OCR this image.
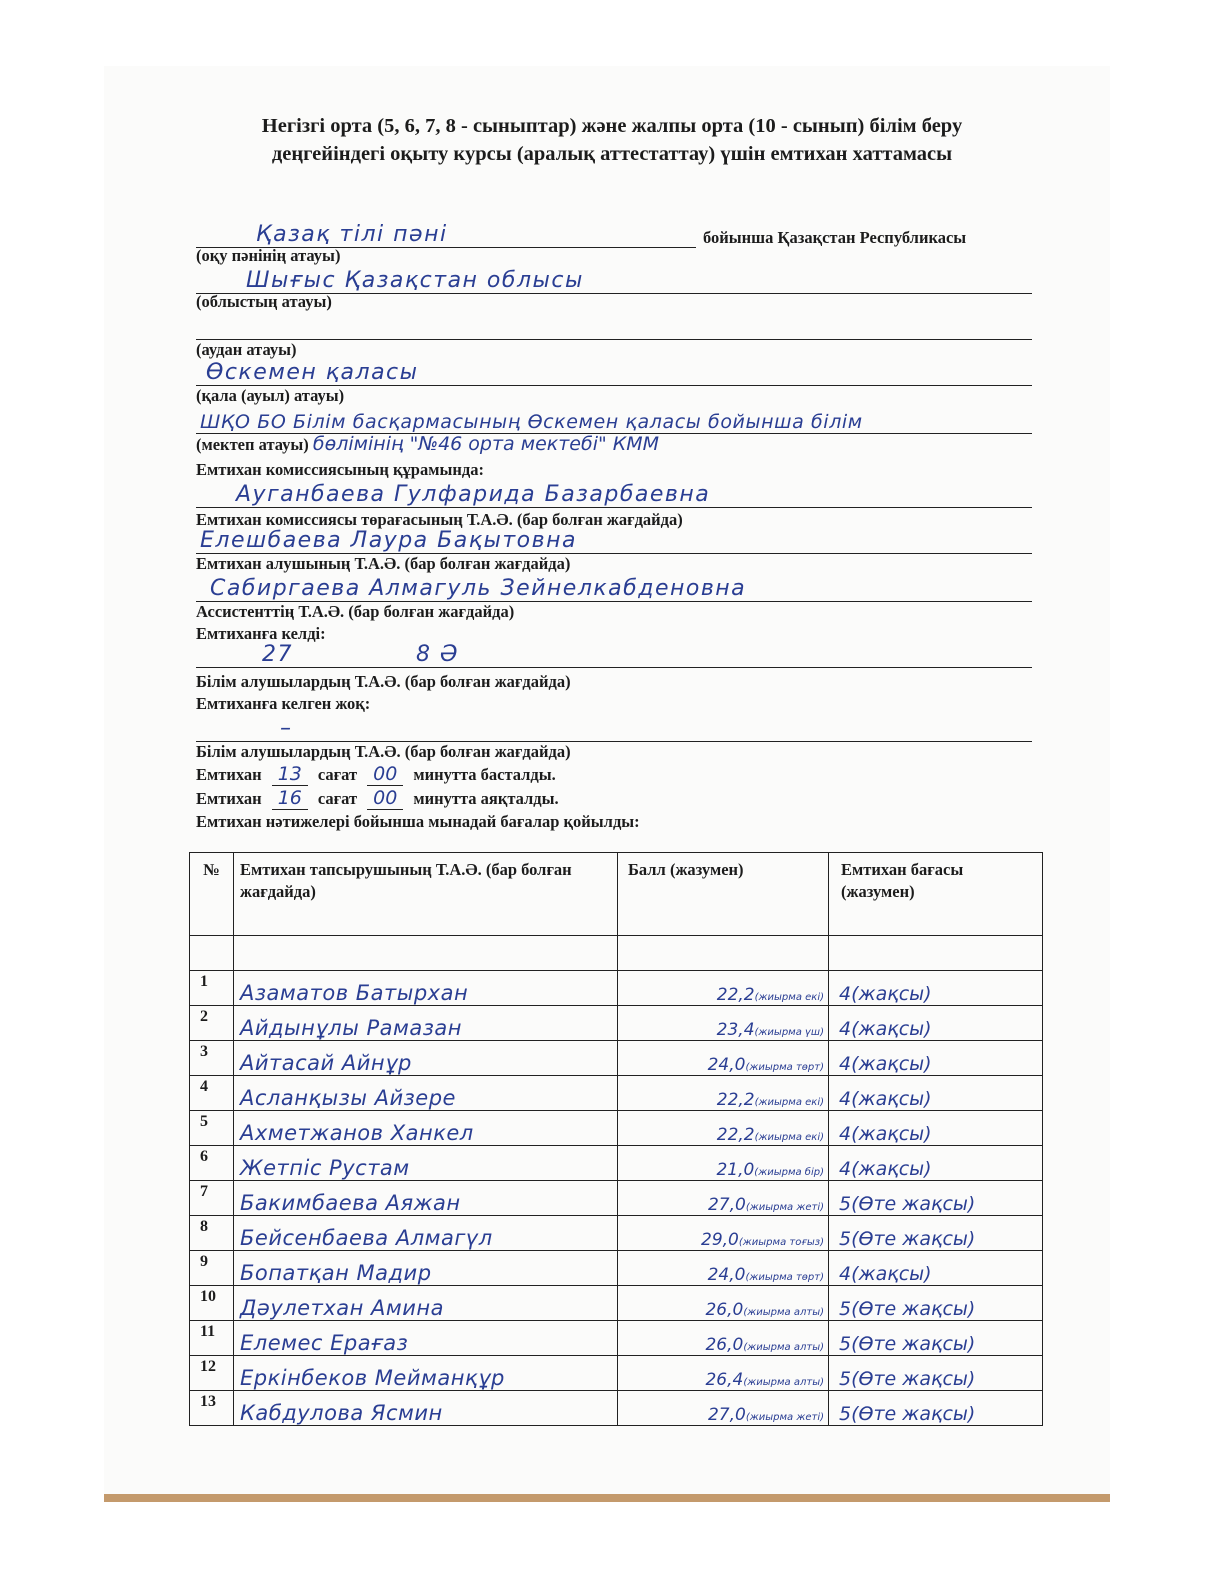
Негізгі орта (5, 6, 7, 8 - сыныптар) және жалпы орта (10 - сынып) білім беру
деңгейіндегі оқыту курсы (аралық аттестаттау) үшін емтихан хаттамасы
Қазақ тілі пәні	бойынша Қазақстан Республикасы
(оқу пәнінің атауы)
Шығыс Қазақстан облысы
(облыстың атауы)
(аудан атауы)
Өскемен қаласы
(қала (ауыл) атауы)
ШҚО БО Білім басқармасының Өскемен қаласы бойынша білім
(мектеп атауы) бөлімінің "№46 орта мектебі" КММ
Емтихан комиссиясының құрамында:
Ауганбаева Гулфарида Базарбаевна
Емтихан комиссиясы төрағасының Т.А.Ә. (бар болған жағдайда)
Елешбаева Лаура Бақытовна
Емтихан алушының Т.А.Ә. (бар болған жағдайда)
Сабиргаева Алмагуль Зейнелкабденовна
Ассистенттің Т.А.Ә. (бар болған жағдайда)
Емтиханға келді:
27	8 Ә
Білім алушылардың Т.А.Ә. (бар болған жағдайда)
Емтиханға келген жоқ:
–
Білім алушылардың Т.А.Ә. (бар болған жағдайда)
Емтихан 13 сағат 00 минутта басталды.
Емтихан 16 сағат 00 минутта аяқталды.
Емтихан нәтижелері бойынша мынадай бағалар қойылды:
№	Емтихан тапсырушының Т.А.Ә. (бар болған жағдайда)	Балл (жазумен)	Емтихан бағасы (жазумен)

1	Азаматов Батырхан	22,2(жиырма екі)	4(жақсы)

2	Айдынұлы Рамазан	23,4(жиырма үш)	4(жақсы)

3	Айтасай Айнұр	24,0(жиырма төрт)	4(жақсы)

4	Асланқызы Айзере	22,2(жиырма екі)	4(жақсы)

5	Ахметжанов Ханкел	22,2(жиырма екі)	4(жақсы)

6	Жетпіс Рустам	21,0(жиырма бір)	4(жақсы)

7	Бакимбаева Аяжан	27,0(жиырма жеті)	5(Өте жақсы)

8	Бейсенбаева Алмагүл	29,0(жиырма тоғыз)	5(Өте жақсы)

9	Бопатқан Мадир	24,0(жиырма төрт)	4(жақсы)

10	Дәулетхан Амина	26,0(жиырма алты)	5(Өте жақсы)

11	Елемес Ерағаз	26,0(жиырма алты)	5(Өте жақсы)

12	Еркінбеков Мейманқұр	26,4(жиырма алты)	5(Өте жақсы)

13	Кабдулова Ясмин	27,0(жиырма жеті)	5(Өте жақсы)
